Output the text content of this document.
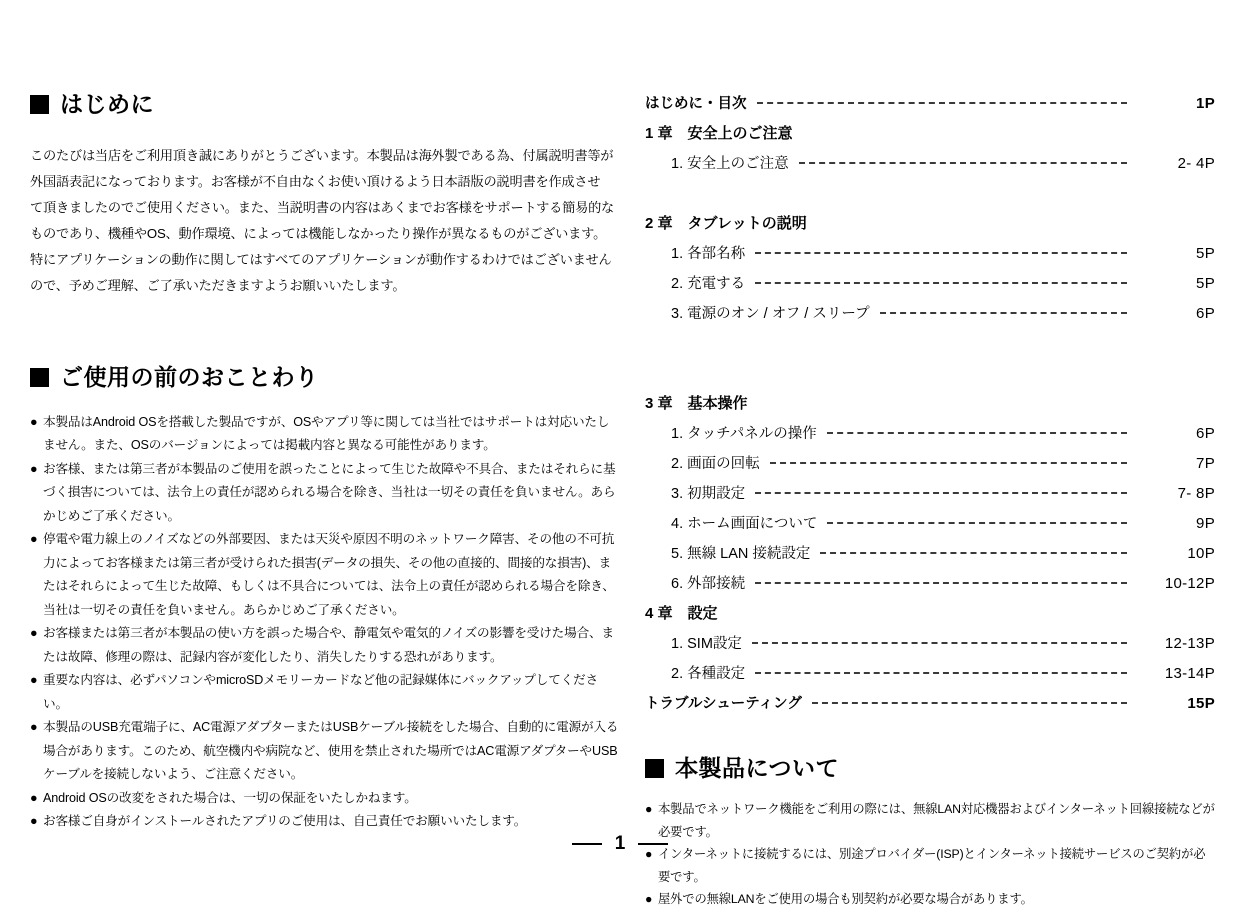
はじめに

このたびは当店をご利用頂き誠にありがとうございます。本製品は海外製である為、付属説明書等が

外国語表記になっております。お客様が不自由なくお使い頂けるよう日本語版の説明書を作成させ

て頂きましたのでご使用ください。また、当説明書の内容はあくまでお客様をサポートする簡易的な

ものであり、機種やOS、動作環境、によっては機能しなかったり操作が異なるものがございます。

特にアプリケーションの動作に関してはすべてのアプリケーションが動作するわけではございません

ので、予めご理解、ご了承いただきますようお願いいたします。

ご使用の前のおことわり
● 本製品はAndroid OSを搭載した製品ですが、OSやアプリ等に関しては当社ではサポートは対応いたしません。また、OSのバージョンによっては掲載内容と異なる可能性があります。
● お客様、または第三者が本製品のご使用を誤ったことによって生じた故障や不具合、またはそれらに基づく損害については、法令上の責任が認められる場合を除き、当社は一切その責任を負いません。あらかじめご了承ください。
● 停電や電力線上のノイズなどの外部要因、または天災や原因不明のネットワーク障害、その他の不可抗力によってお客様または第三者が受けられた損害(データの損失、その他の直接的、間接的な損害)、またはそれらによって生じた故障、もしくは不具合については、法令上の責任が認められる場合を除き、当社は一切その責任を負いません。あらかじめご了承ください。
● お客様または第三者が本製品の使い方を誤った場合や、静電気や電気的ノイズの影響を受けた場合、または故障、修理の際は、記録内容が変化したり、消失したりする恐れがあります。
● 重要な内容は、必ずパソコンやmicroSDメモリーカードなど他の記録媒体にバックアップしてください。
● 本製品のUSB充電端子に、AC電源アダプターまたはUSBケーブル接続をした場合、自動的に電源が入る場合があります。このため、航空機内や病院など、使用を禁止された場所ではAC電源アダプターやUSBケーブルを接続しないよう、ご注意ください。
● Android OSの改変をされた場合は、一切の保証をいたしかねます。
● お客様ご自身がインストールされたアプリのご使用は、自己責任でお願いいたします。
はじめに・目次	1P
1 章　安全上のご注意
1. 安全上のご注意	2- 4P
2 章　タブレットの説明
1. 各部名称	5P
2. 充電する	5P
3. 電源のオン / オフ / スリープ	6P
3 章　基本操作
1. タッチパネルの操作	6P
2. 画面の回転	7P
3. 初期設定	7- 8P
4. ホーム画面について	9P
5. 無線 LAN 接続設定	10P
6. 外部接続	10-12P
4 章　設定
1. SIM設定	12-13P
2. 各種設定	13-14P
トラブルシューティング	15P
本製品について
● 本製品でネットワーク機能をご利用の際には、無線LAN対応機器およびインターネット回線接続などが必要です。
● インターネットに接続するには、別途プロバイダー(ISP)とインターネット接続サービスのご契約が必要です。
● 屋外での無線LANをご使用の場合も別契約が必要な場合があります。
1
